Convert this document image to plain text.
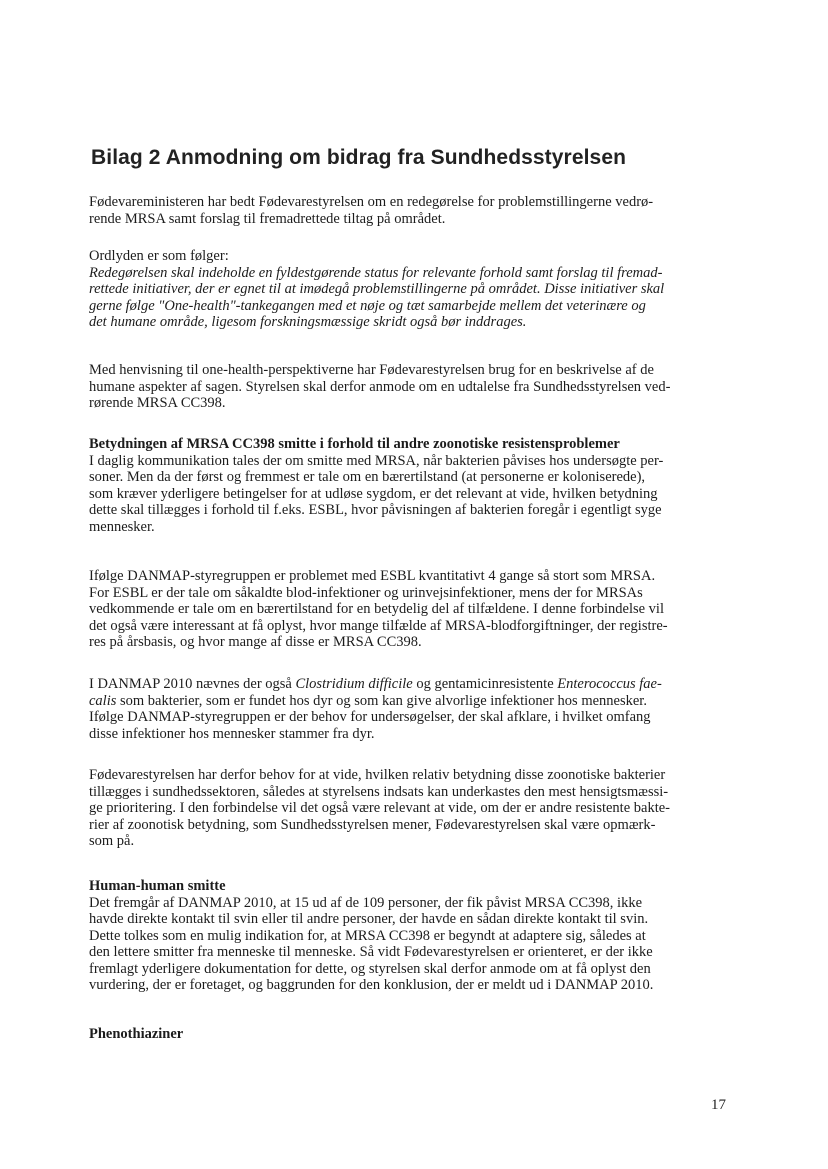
Bilag 2 Anmodning om bidrag fra Sundhedsstyrelsen
Fødevareministeren har bedt Fødevarestyrelsen om en redegørelse for problemstillingerne vedrø-
rende MRSA samt forslag til fremadrettede tiltag på området.
Ordlyden er som følger:
Redegørelsen skal indeholde en fyldestgørende status for relevante forhold samt forslag til fremad-
rettede initiativer, der er egnet til at imødegå problemstillingerne på området. Disse initiativer skal
gerne følge "One-health"-tankegangen med et nøje og tæt samarbejde mellem det veterinære og
det humane område, ligesom forskningsmæssige skridt også bør inddrages.
Med henvisning til one-health-perspektiverne har Fødevarestyrelsen brug for en beskrivelse af de
humane aspekter af sagen. Styrelsen skal derfor anmode om en udtalelse fra Sundhedsstyrelsen ved-
rørende MRSA CC398.
Betydningen af MRSA CC398 smitte i forhold til andre zoonotiske resistensproblemer
I daglig kommunikation tales der om smitte med MRSA, når bakterien påvises hos undersøgte per-
soner. Men da der først og fremmest er tale om en bærertilstand (at personerne er koloniserede),
som kræver yderligere betingelser for at udløse sygdom, er det relevant at vide, hvilken betydning
dette skal tillægges i forhold til f.eks. ESBL, hvor påvisningen af bakterien foregår i egentligt syge
mennesker.
Ifølge DANMAP-styregruppen er problemet med ESBL kvantitativt 4 gange så stort som MRSA.
For ESBL er der tale om såkaldte blod-infektioner og urinvejsinfektioner, mens der for MRSAs
vedkommende er tale om en bærertilstand for en betydelig del af tilfældene. I denne forbindelse vil
det også være interessant at få oplyst, hvor mange tilfælde af MRSA-blodforgiftninger, der registre-
res på årsbasis, og hvor mange af disse er MRSA CC398.
I DANMAP 2010 nævnes der også Clostridium difficile og gentamicinresistente Enterococcus fae-
calis som bakterier, som er fundet hos dyr og som kan give alvorlige infektioner hos mennesker.
Ifølge DANMAP-styregruppen er der behov for undersøgelser, der skal afklare, i hvilket omfang
disse infektioner hos mennesker stammer fra dyr.
Fødevarestyrelsen har derfor behov for at vide, hvilken relativ betydning disse zoonotiske bakterier
tillægges i sundhedssektoren, således at styrelsens indsats kan underkastes den mest hensigtsmæssi-
ge prioritering. I den forbindelse vil det også være relevant at vide, om der er andre resistente bakte-
rier af zoonotisk betydning, som Sundhedsstyrelsen mener, Fødevarestyrelsen skal være opmærk-
som på.
Human-human smitte
Det fremgår af DANMAP 2010, at 15 ud af de 109 personer, der fik påvist MRSA CC398, ikke
havde direkte kontakt til svin eller til andre personer, der havde en sådan direkte kontakt til svin.
Dette tolkes som en mulig indikation for, at MRSA CC398 er begyndt at adaptere sig, således at
den lettere smitter fra menneske til menneske. Så vidt Fødevarestyrelsen er orienteret, er der ikke
fremlagt yderligere dokumentation for dette, og styrelsen skal derfor anmode om at få oplyst den
vurdering, der er foretaget, og baggrunden for den konklusion, der er meldt ud i DANMAP 2010.
Phenothiaziner
17
